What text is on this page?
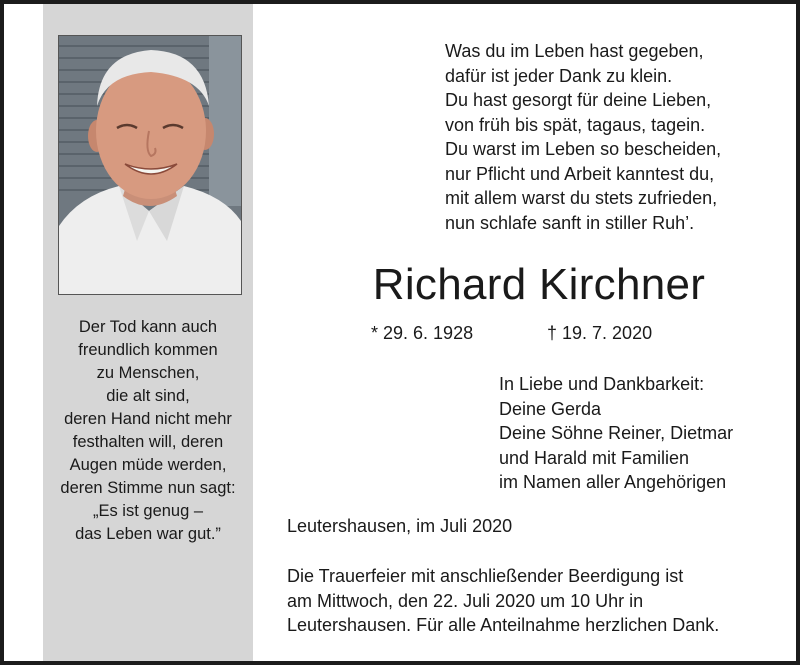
Der Tod kann auch
freundlich kommen
zu Menschen,
die alt sind,
deren Hand nicht mehr
festhalten will, deren
Augen müde werden,
deren Stimme nun sagt:
„Es ist genug –
das Leben war gut.”

Was du im Leben hast gegeben,
dafür ist jeder Dank zu klein.
Du hast gesorgt für deine Lieben,
von früh bis spät, tagaus, tagein.
Du warst im Leben so bescheiden,
nur Pflicht und Arbeit kanntest du,
mit allem warst du stets zufrieden,
nun schlafe sanft in stiller Ruh’.

Richard Kirchner
* 29. 6. 1928	† 19. 7. 2020

In Liebe und Dankbarkeit:
Deine Gerda
Deine Söhne Reiner, Dietmar
und Harald mit Familien
im Namen aller Angehörigen

Leutershausen, im Juli 2020

Die Trauerfeier mit anschließender Beerdigung ist
am Mittwoch, den 22. Juli 2020 um 10 Uhr in
Leutershausen. Für alle Anteilnahme herzlichen Dank.
